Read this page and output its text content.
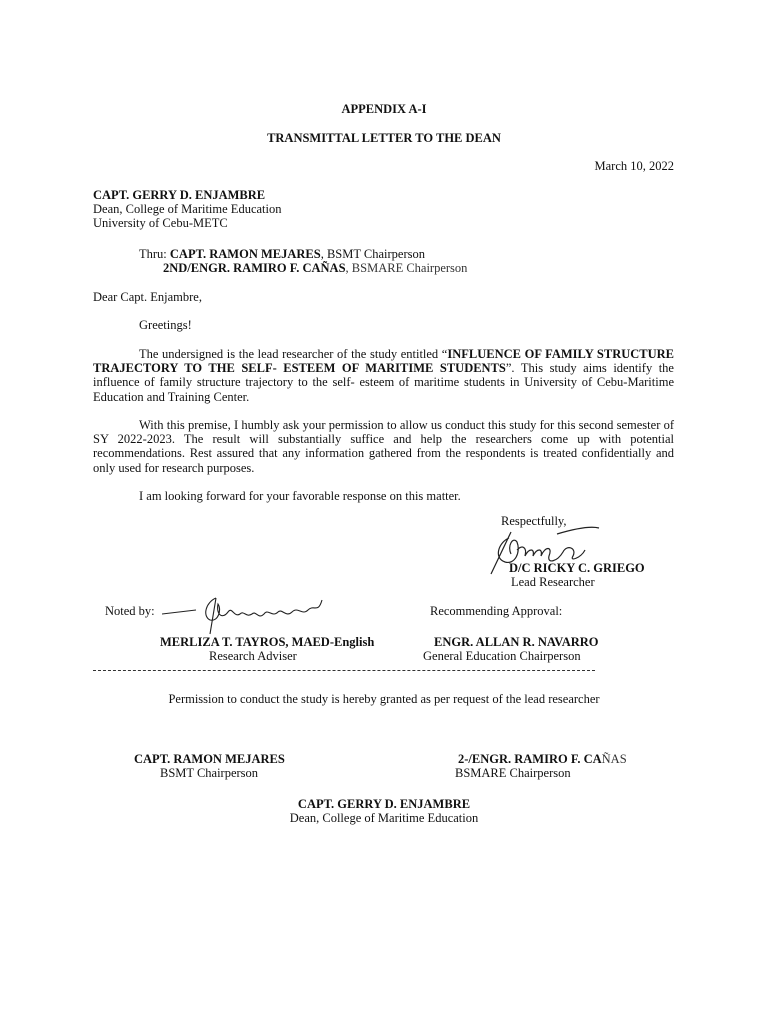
APPENDIX A-I
TRANSMITTAL LETTER TO THE DEAN
March 10, 2022
CAPT. GERRY D. ENJAMBRE
Dean, College of Maritime Education
University of Cebu-METC
Thru: CAPT. RAMON MEJARES, BSMT Chairperson
2ND/ENGR. RAMIRO F. CAÑAS, BSMARE Chairperson
Dear Capt. Enjambre,
Greetings!
The undersigned is the lead researcher of the study entitled “INFLUENCE OF FAMILY STRUCTURE TRAJECTORY TO THE SELF- ESTEEM OF MARITIME STUDENTS”. This study aims identify the influence of family structure trajectory to the self- esteem of maritime students in University of Cebu-Maritime Education and Training Center.
With this premise, I humbly ask your permission to allow us conduct this study for this second semester of SY 2022-2023. The result will substantially suffice and help the researchers come up with potential recommendations. Rest assured that any information gathered from the respondents is treated confidentially and only used for research purposes.
I am looking forward for your favorable response on this matter.
Respectfully,
D/C RICKY C. GRIEGO
Lead Researcher
Noted by:
MERLIZA T. TAYROS, MAED-English
Research Adviser
Recommending Approval:
ENGR. ALLAN R. NAVARRO
General Education Chairperson
Permission to conduct the study is hereby granted as per request of the lead researcher
CAPT. RAMON MEJARES
BSMT Chairperson
2-/ENGR. RAMIRO F. CAÑAS
BSMARE Chairperson
CAPT. GERRY D. ENJAMBRE
Dean, College of Maritime Education
